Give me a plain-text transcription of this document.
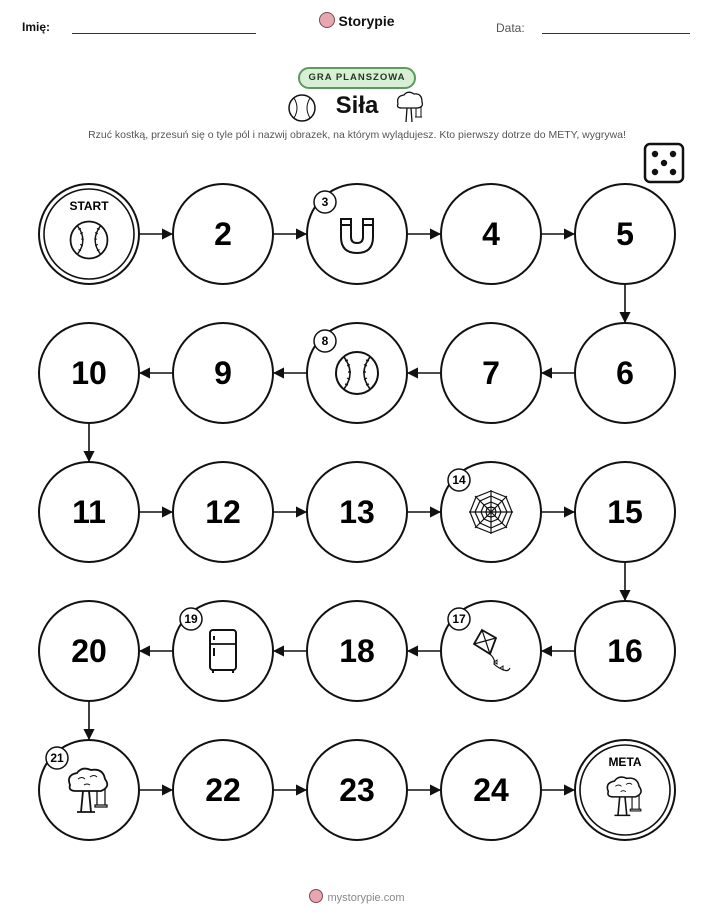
Imię:	Storypie	Data:
GRA PLANSZOWA
Siła
Rzuć kostką, przesuń się o tyle pól i nazwij obrazek, na którym wylądujesz. Kto pierwszy dotrze do METY, wygrywa!
START
2
3
4	5
6
7
8
9
10
11	12	13
14
15
16
17
18
19
20
21
22	23	24
META
mystorypie.com
